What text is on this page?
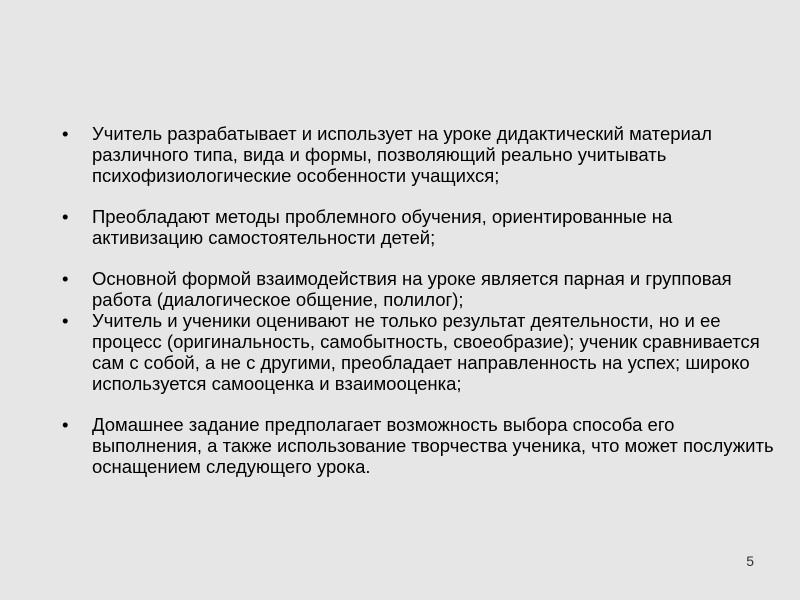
•	Учитель разрабатывает и использует на уроке дидактический материал различного типа, вида и формы, позволяющий реально учитывать психофизиологические особенности учащихся;
•	Преобладают методы проблемного обучения, ориентированные на активизацию самостоятельности детей;
•	Основной формой взаимодействия на уроке является парная и групповая работа (диалогическое общение, полилог);
•	Учитель и ученики оценивают не только результат деятельности, но и ее процесс (оригинальность, самобытность, своеобразие); ученик сравнивается сам с собой, а не с другими, преобладает направленность на успех; широко используется самооценка и взаимооценка;
•	Домашнее задание предполагает возможность выбора способа его выполнения, а также использование творчества ученика, что может послужить оснащением следующего урока.
5
